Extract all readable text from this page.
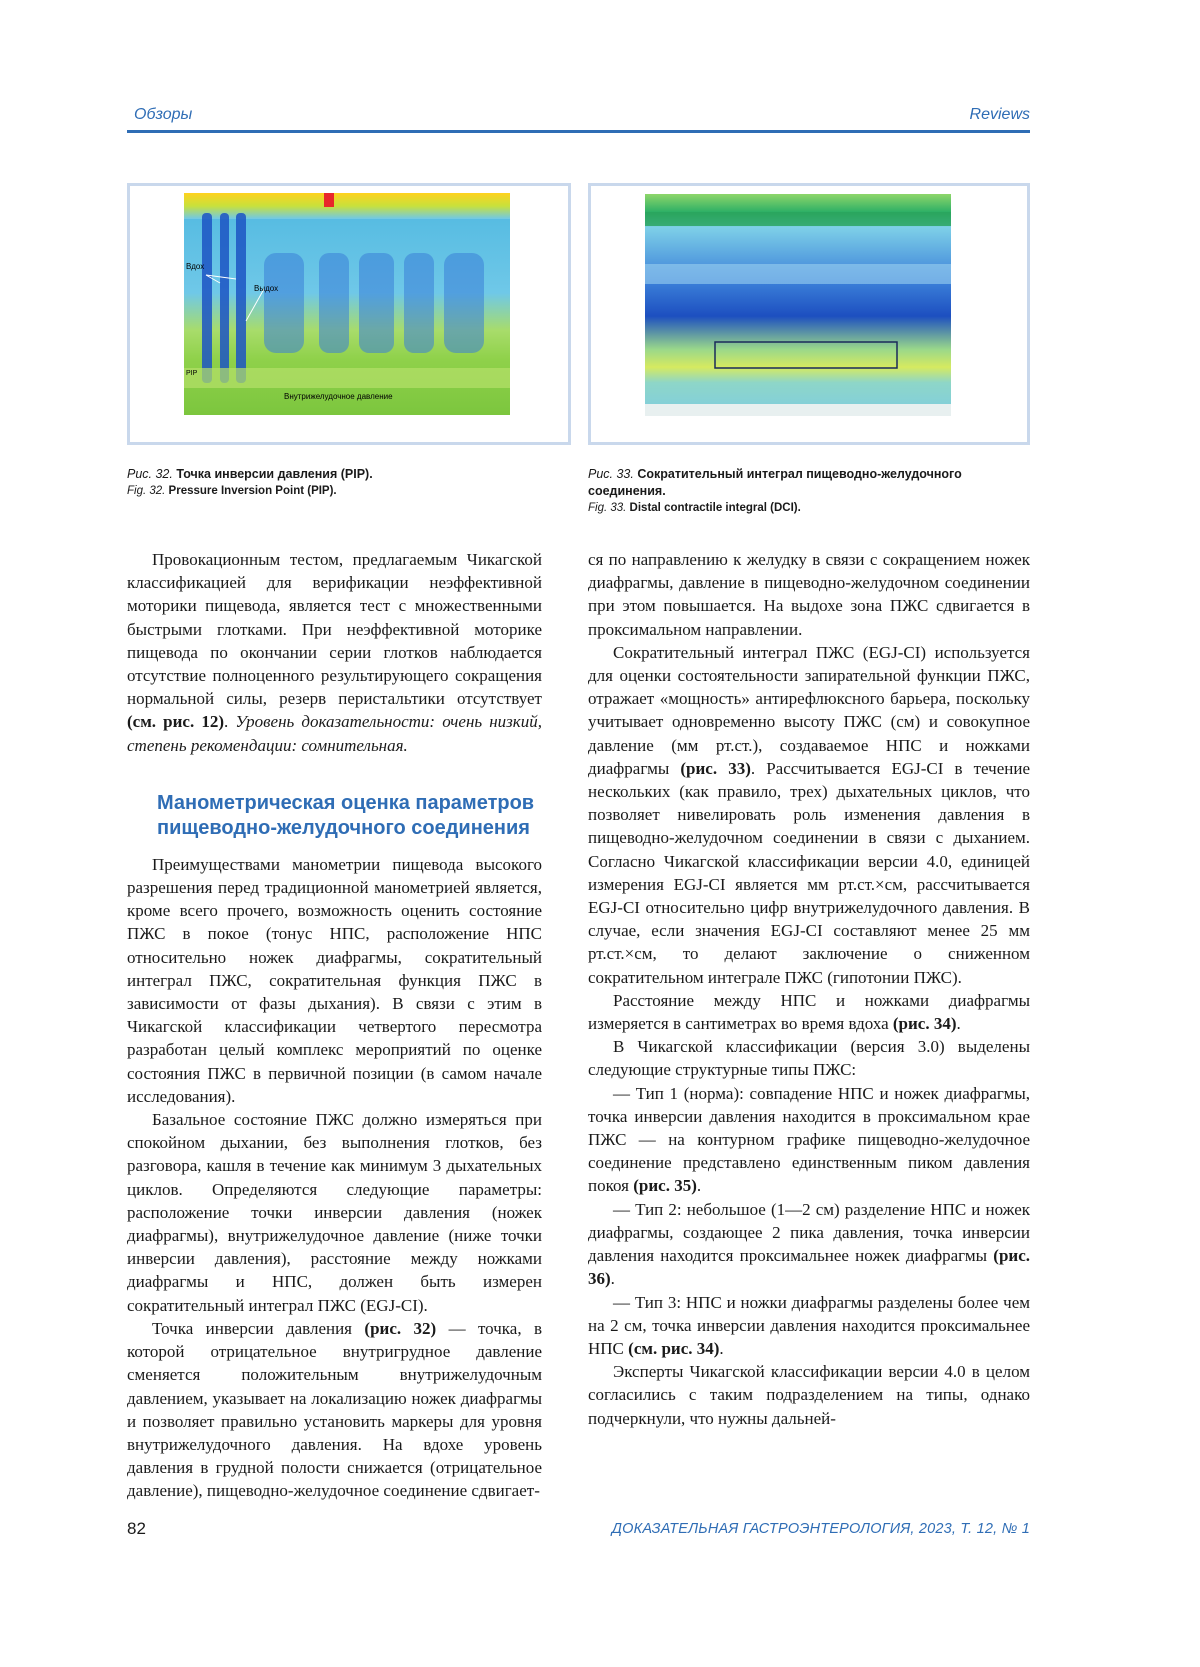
Обзоры	Reviews
Вдох
Выдох
PIP
Внутрижелудочное давление
Рис. 32. Точка инверсии давления (PIP).
Fig. 32. Pressure Inversion Point (PIP).
Рис. 33. Сократительный интеграл пищеводно-желудочного соединения.
Fig. 33. Distal contractile integral (DCI).

Провокационным тестом, предлагаемым Чикагской классификацией для верификации неэффективной моторики пищевода, является тест с множественными быстрыми глотками. При неэффективной моторике пищевода по окончании серии глотков наблюдается отсутствие полноценного результирующего сокращения нормальной силы, резерв перистальтики отсутствует (см. рис. 12). Уровень доказательности: очень низкий, степень рекомендации: сомнительная.

Манометрическая оценка параметров пищеводно-желудочного соединения

Преимуществами манометрии пищевода высокого разрешения перед традиционной манометрией является, кроме всего прочего, возможность оценить состояние ПЖС в покое (тонус НПС, расположение НПС относительно ножек диафрагмы, сократительный интеграл ПЖС, сократительная функция ПЖС в зависимости от фазы дыхания). В связи с этим в Чикагской классификации четвертого пересмотра разработан целый комплекс мероприятий по оценке состояния ПЖС в первичной позиции (в самом начале исследования).

Базальное состояние ПЖС должно измеряться при спокойном дыхании, без выполнения глотков, без разговора, кашля в течение как минимум 3 дыхательных циклов. Определяются следующие параметры: расположение точки инверсии давления (ножек диафрагмы), внутрижелудочное давление (ниже точки инверсии давления), расстояние между ножками диафрагмы и НПС, должен быть измерен сократительный интеграл ПЖС (EGJ-CI).

Точка инверсии давления (рис. 32) — точка, в которой отрицательное внутригрудное давление сменяется положительным внутрижелудочным давлением, указывает на локализацию ножек диафрагмы и позволяет правильно установить маркеры для уровня внутрижелудочного давления. На вдохе уровень давления в грудной полости снижается (отрицательное давление), пищеводно-желудочное соединение сдвигает-

ся по направлению к желудку в связи с сокращением ножек диафрагмы, давление в пищеводно-желудочном соединении при этом повышается. На выдохе зона ПЖС сдвигается в проксимальном направлении.

Сократительный интеграл ПЖС (EGJ-CI) используется для оценки состоятельности запирательной функции ПЖС, отражает «мощность» антирефлюксного барьера, поскольку учитывает одновременно высоту ПЖС (см) и совокупное давление (мм рт.ст.), создаваемое НПС и ножками диафрагмы (рис. 33). Рассчитывается EGJ-CI в течение нескольких (как правило, трех) дыхательных циклов, что позволяет нивелировать роль изменения давления в пищеводно-желудочном соединении в связи с дыханием. Согласно Чикагской классификации версии 4.0, единицей измерения EGJ-CI является мм рт.ст.×см, рассчитывается EGJ-CI относительно цифр внутрижелудочного давления. В случае, если значения EGJ-CI составляют менее 25 мм рт.ст.×см, то делают заключение о сниженном сократительном интеграле ПЖС (гипотонии ПЖС).

Расстояние между НПС и ножками диафрагмы измеряется в сантиметрах во время вдоха (рис. 34).

В Чикагской классификации (версия 3.0) выделены следующие структурные типы ПЖС:

— Тип 1 (норма): совпадение НПС и ножек диафрагмы, точка инверсии давления находится в проксимальном крае ПЖС — на контурном графике пищеводно-желудочное соединение представлено единственным пиком давления покоя (рис. 35).

— Тип 2: небольшое (1—2 см) разделение НПС и ножек диафрагмы, создающее 2 пика давления, точка инверсии давления находится проксимальнее ножек диафрагмы (рис. 36).

— Тип 3: НПС и ножки диафрагмы разделены более чем на 2 см, точка инверсии давления находится проксимальнее НПС (см. рис. 34).

Эксперты Чикагской классификации версии 4.0 в целом согласились с таким подразделением на типы, однако подчеркнули, что нужны дальней-

82	ДОКАЗАТЕЛЬНАЯ ГАСТРОЭНТЕРОЛОГИЯ, 2023, Т. 12, № 1
